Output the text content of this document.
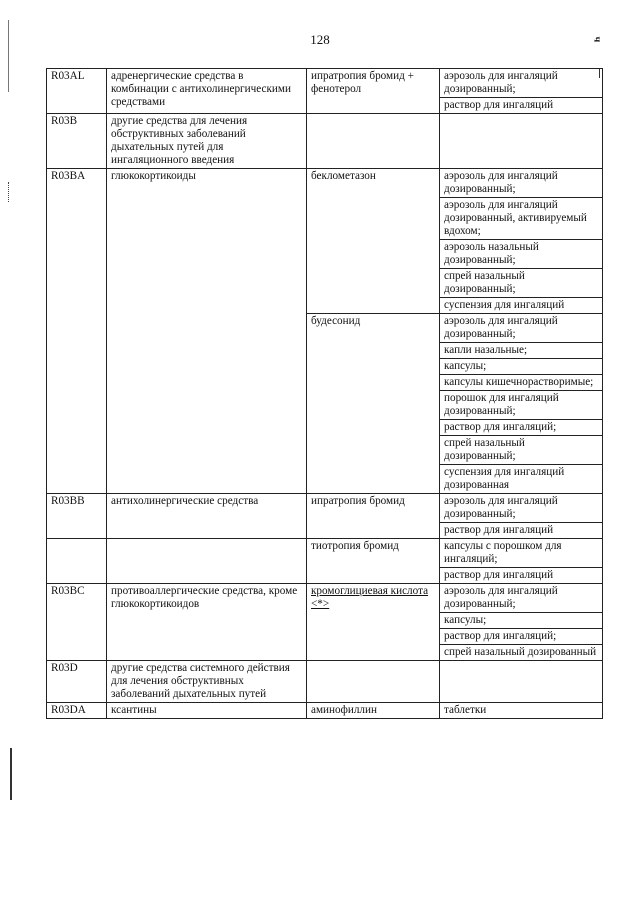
128	ч
R03AL	адренергические средства в комбинации с антихолинергическими средствами	ипратропия бромид + фенотерол	аэрозоль для ингаляций дозированный;
			раствор для ингаляций
R03B	другие средства для лечения обструктивных заболеваний дыхательных путей для ингаляционного введения		
R03BA	глюкокортикоиды	беклометазон	аэрозоль для ингаляций дозированный;
			аэрозоль для ингаляций дозированный, активируемый вдохом;
			аэрозоль назальный дозированный;
			спрей назальный дозированный;
			суспензия для ингаляций
		будесонид	аэрозоль для ингаляций дозированный;
			капли назальные;
			капсулы;
			капсулы кишечнорастворимые;
			порошок для ингаляций дозированный;
			раствор для ингаляций;
			спрей назальный дозированный;
			суспензия для ингаляций дозированная
R03BB	антихолинергические средства	ипратропия бромид	аэрозоль для ингаляций дозированный;
			раствор для ингаляций
		тиотропия бромид	капсулы с порошком для ингаляций;
			раствор для ингаляций
R03BC	противоаллергические средства, кроме глюкокортикоидов	кромоглициевая кислота <*>	аэрозоль для ингаляций дозированный;
			капсулы;
			раствор для ингаляций;
			спрей назальный дозированный
R03D	другие средства системного действия для лечения обструктивных заболеваний дыхательных путей		
R03DA	ксантины	аминофиллин	таблетки
